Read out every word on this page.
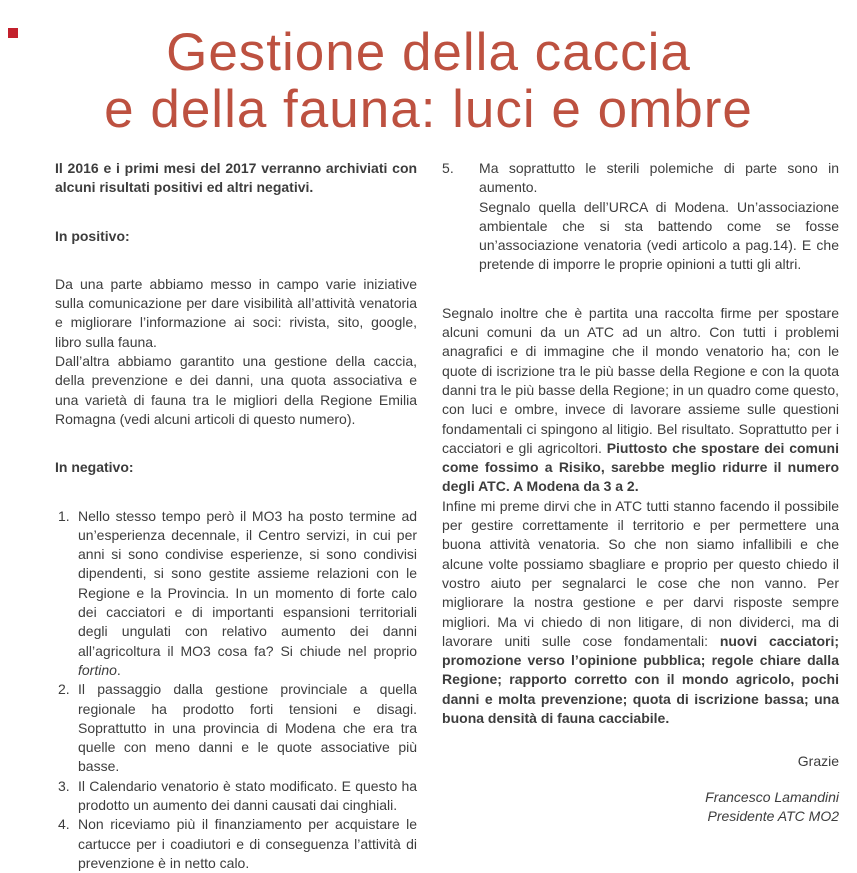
Gestione della caccia
e della fauna: luci e ombre

Il 2016 e i primi mesi del 2017 verranno archiviati con alcuni risultati positivi ed altri negativi.

In positivo:

Da una parte abbiamo messo in campo varie iniziative sulla comunicazione per dare visibilità all’attività venatoria e migliorare l’informazione ai soci: rivista, sito, google, libro sulla fauna.

Dall’altra abbiamo garantito una gestione della caccia, della prevenzione e dei danni, una quota associativa e una varietà di fauna tra le migliori della Regione Emilia Romagna (vedi alcuni articoli di questo numero).

In negativo:

1. Nello stesso tempo però il MO3 ha posto termine ad un’esperienza decennale, il Centro servizi, in cui per anni si sono condivise esperienze, si sono condivisi dipendenti, si sono gestite assieme relazioni con le Regione e la Provincia. In un momento di forte calo dei cacciatori e di importanti espansioni territoriali degli ungulati con relativo aumento dei danni all’agricoltura il MO3 cosa fa? Si chiude nel proprio fortino.
2. Il passaggio dalla gestione provinciale a quella regionale ha prodotto forti tensioni e disagi. Soprattutto in una provincia di Modena che era tra quelle con meno danni e le quote associative più basse.
3. Il Calendario venatorio è stato modificato. E questo ha prodotto un aumento dei danni causati dai cinghiali.
4. Non riceviamo più il finanziamento per acquistare le cartucce per i coadiutori e di conseguenza l’attività di prevenzione è in netto calo.
5. Ma soprattutto le sterili polemiche di parte sono in aumento.
Segnalo quella dell’URCA di Modena. Un’associazione ambientale che si sta battendo come se fosse un’associazione venatoria (vedi articolo a pag.14). E che pretende di imporre le proprie opinioni a tutti gli altri.

Segnalo inoltre che è partita una raccolta firme per spostare alcuni comuni da un ATC ad un altro. Con tutti i problemi anagrafici e di immagine che il mondo venatorio ha; con le quote di iscrizione tra le più basse della Regione e con la quota danni tra le più basse della Regione; in un quadro come questo, con luci e ombre, invece di lavorare assieme sulle questioni fondamentali ci spingono al litigio. Bel risultato. Soprattutto per i cacciatori e gli agricoltori. Piuttosto che spostare dei comuni come fossimo a Risiko, sarebbe meglio ridurre il numero degli ATC. A Modena da 3 a 2.

Infine mi preme dirvi che in ATC tutti stanno facendo il possibile per gestire correttamente il territorio e per permettere una buona attività venatoria. So che non siamo infallibili e che alcune volte possiamo sbagliare e proprio per questo chiedo il vostro aiuto per segnalarci le cose che non vanno. Per migliorare la nostra gestione e per darvi risposte sempre migliori. Ma vi chiedo di non litigare, di non dividerci, ma di lavorare uniti sulle cose fondamentali: nuovi cacciatori; promozione verso l’opinione pubblica; regole chiare dalla Regione; rapporto corretto con il mondo agricolo, pochi danni e molta prevenzione; quota di iscrizione bassa; una buona densità di fauna cacciabile.

Grazie

Francesco Lamandini
Presidente ATC MO2
